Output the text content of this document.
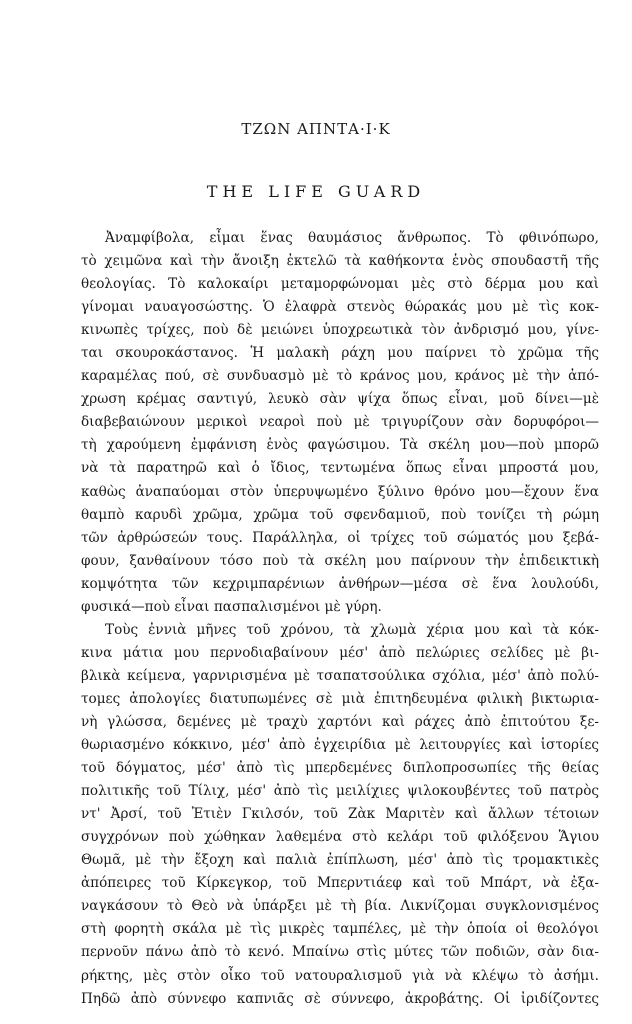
ΤΖΩΝ ΑΠΝΤΑ·Ι·Κ
THE LIFE GUARD
Ἀναμφίβολα, εἶμαι ἕνας θαυμάσιος ἄνθρωπος. Τὸ φθινόπωρο,
τὸ χειμῶνα καὶ τὴν ἄνοιξη ἐκτελῶ τὰ καθήκοντα ἑνὸς σπουδαστῆ τῆς
θεολογίας. Τὸ καλοκαίρι μεταμορφώνομαι μὲς στὸ δέρμα μου καὶ
γίνομαι ναυαγοσώστης. Ὁ ἐλαφρὰ στενὸς θώρακάς μου μὲ τὶς κοκ-
κινωπὲς τρίχες, ποὺ δὲ μειώνει ὑποχρεωτικὰ τὸν ἀνδρισμό μου, γίνε-
ται σκουροκάστανος. Ἡ μαλακὴ ράχη μου παίρνει τὸ χρῶμα τῆς
καραμέλας πού, σὲ συνδυασμὸ μὲ τὸ κράνος μου, κράνος μὲ τὴν ἀπό-
χρωση κρέμας σαντιγύ, λευκὸ σὰν ψίχα ὅπως εἶναι, μοῦ δίνει—μὲ
διαβεβαιώνουν μερικοὶ νεαροὶ ποὺ μὲ τριγυρίζουν σὰν δορυφόροι—
τὴ χαρούμενη ἐμφάνιση ἑνὸς φαγώσιμου. Τὰ σκέλη μου—ποὺ μπορῶ
νὰ τὰ παρατηρῶ καὶ ὁ ἴδιος, τεντωμένα ὅπως εἶναι μπροστά μου,
καθὼς ἀναπαύομαι στὸν ὑπερυψωμένο ξύλινο θρόνο μου—ἔχουν ἕνα
θαμπὸ καρυδὶ χρῶμα, χρῶμα τοῦ σφενδαμιοῦ, ποὺ τονίζει τὴ ρώμη
τῶν ἀρθρώσεών τους. Παράλληλα, οἱ τρίχες τοῦ σώματός μου ξεβά-
φουν, ξανθαίνουν τόσο ποὺ τὰ σκέλη μου παίρνουν τὴν ἐπιδεικτικὴ
κομψότητα τῶν κεχριμπαρένιων ἀνθήρων—μέσα σὲ ἕνα λουλούδι,
φυσικά—ποὺ εἶναι πασπαλισμένοι μὲ γύρη.
Τοὺς ἐννιὰ μῆνες τοῦ χρόνου, τὰ χλωμὰ χέρια μου καὶ τὰ κόκ-
κινα μάτια μου περνοδιαβαίνουν μέσ' ἀπὸ πελώριες σελίδες μὲ βι-
βλικὰ κείμενα, γαρνιρισμένα μὲ τσαπατσούλικα σχόλια, μέσ' ἀπὸ πολύ-
τομες ἀπολογίες διατυπωμένες σὲ μιὰ ἐπιτηδευμένα φιλικὴ βικτωρια-
νὴ γλώσσα, δεμένες μὲ τραχὺ χαρτόνι καὶ ράχες ἀπὸ ἐπιτούτου ξε-
θωριασμένο κόκκινο, μέσ' ἀπὸ ἐγχειρίδια μὲ λειτουργίες καὶ ἱστορίες
τοῦ δόγματος, μέσ' ἀπὸ τὶς μπερδεμένες διπλοπροσωπίες τῆς θείας
πολιτικῆς τοῦ Τίλιχ, μέσ' ἀπὸ τὶς μειλίχιες ψιλοκουβέντες τοῦ πατρὸς
ντ' Ἀρσί, τοῦ Ἐτιὲν Γκιλσόν, τοῦ Ζὰκ Μαριτὲν καὶ ἄλλων τέτοιων
συγχρόνων ποὺ χώθηκαν λαθεμένα στὸ κελάρι τοῦ φιλόξενου Ἅγιου
Θωμᾶ, μὲ τὴν ἔξοχη καὶ παλιὰ ἐπίπλωση, μέσ' ἀπὸ τὶς τρομακτικὲς
ἀπόπειρες τοῦ Κίρκεγκορ, τοῦ Μπερντιάεφ καὶ τοῦ Μπάρτ, νὰ ἐξα-
ναγκάσουν τὸ Θεὸ νὰ ὑπάρξει μὲ τὴ βία. Λικνίζομαι συγκλονισμένος
στὴ φορητὴ σκάλα μὲ τὶς μικρὲς ταμπέλες, μὲ τὴν ὁποία οἱ θεολόγοι
περνοῦν πάνω ἀπὸ τὸ κενό. Μπαίνω στὶς μύτες τῶν ποδιῶν, σὰν δια-
ρήκτης, μὲς στὸν οἶκο τοῦ νατουραλισμοῦ γιὰ νὰ κλέψω τὸ ἀσήμι.
Πηδῶ ἀπὸ σύννεφο καπνιᾶς σὲ σύννεφο, ἀκροβάτης. Οἱ ἰριδίζοντες
